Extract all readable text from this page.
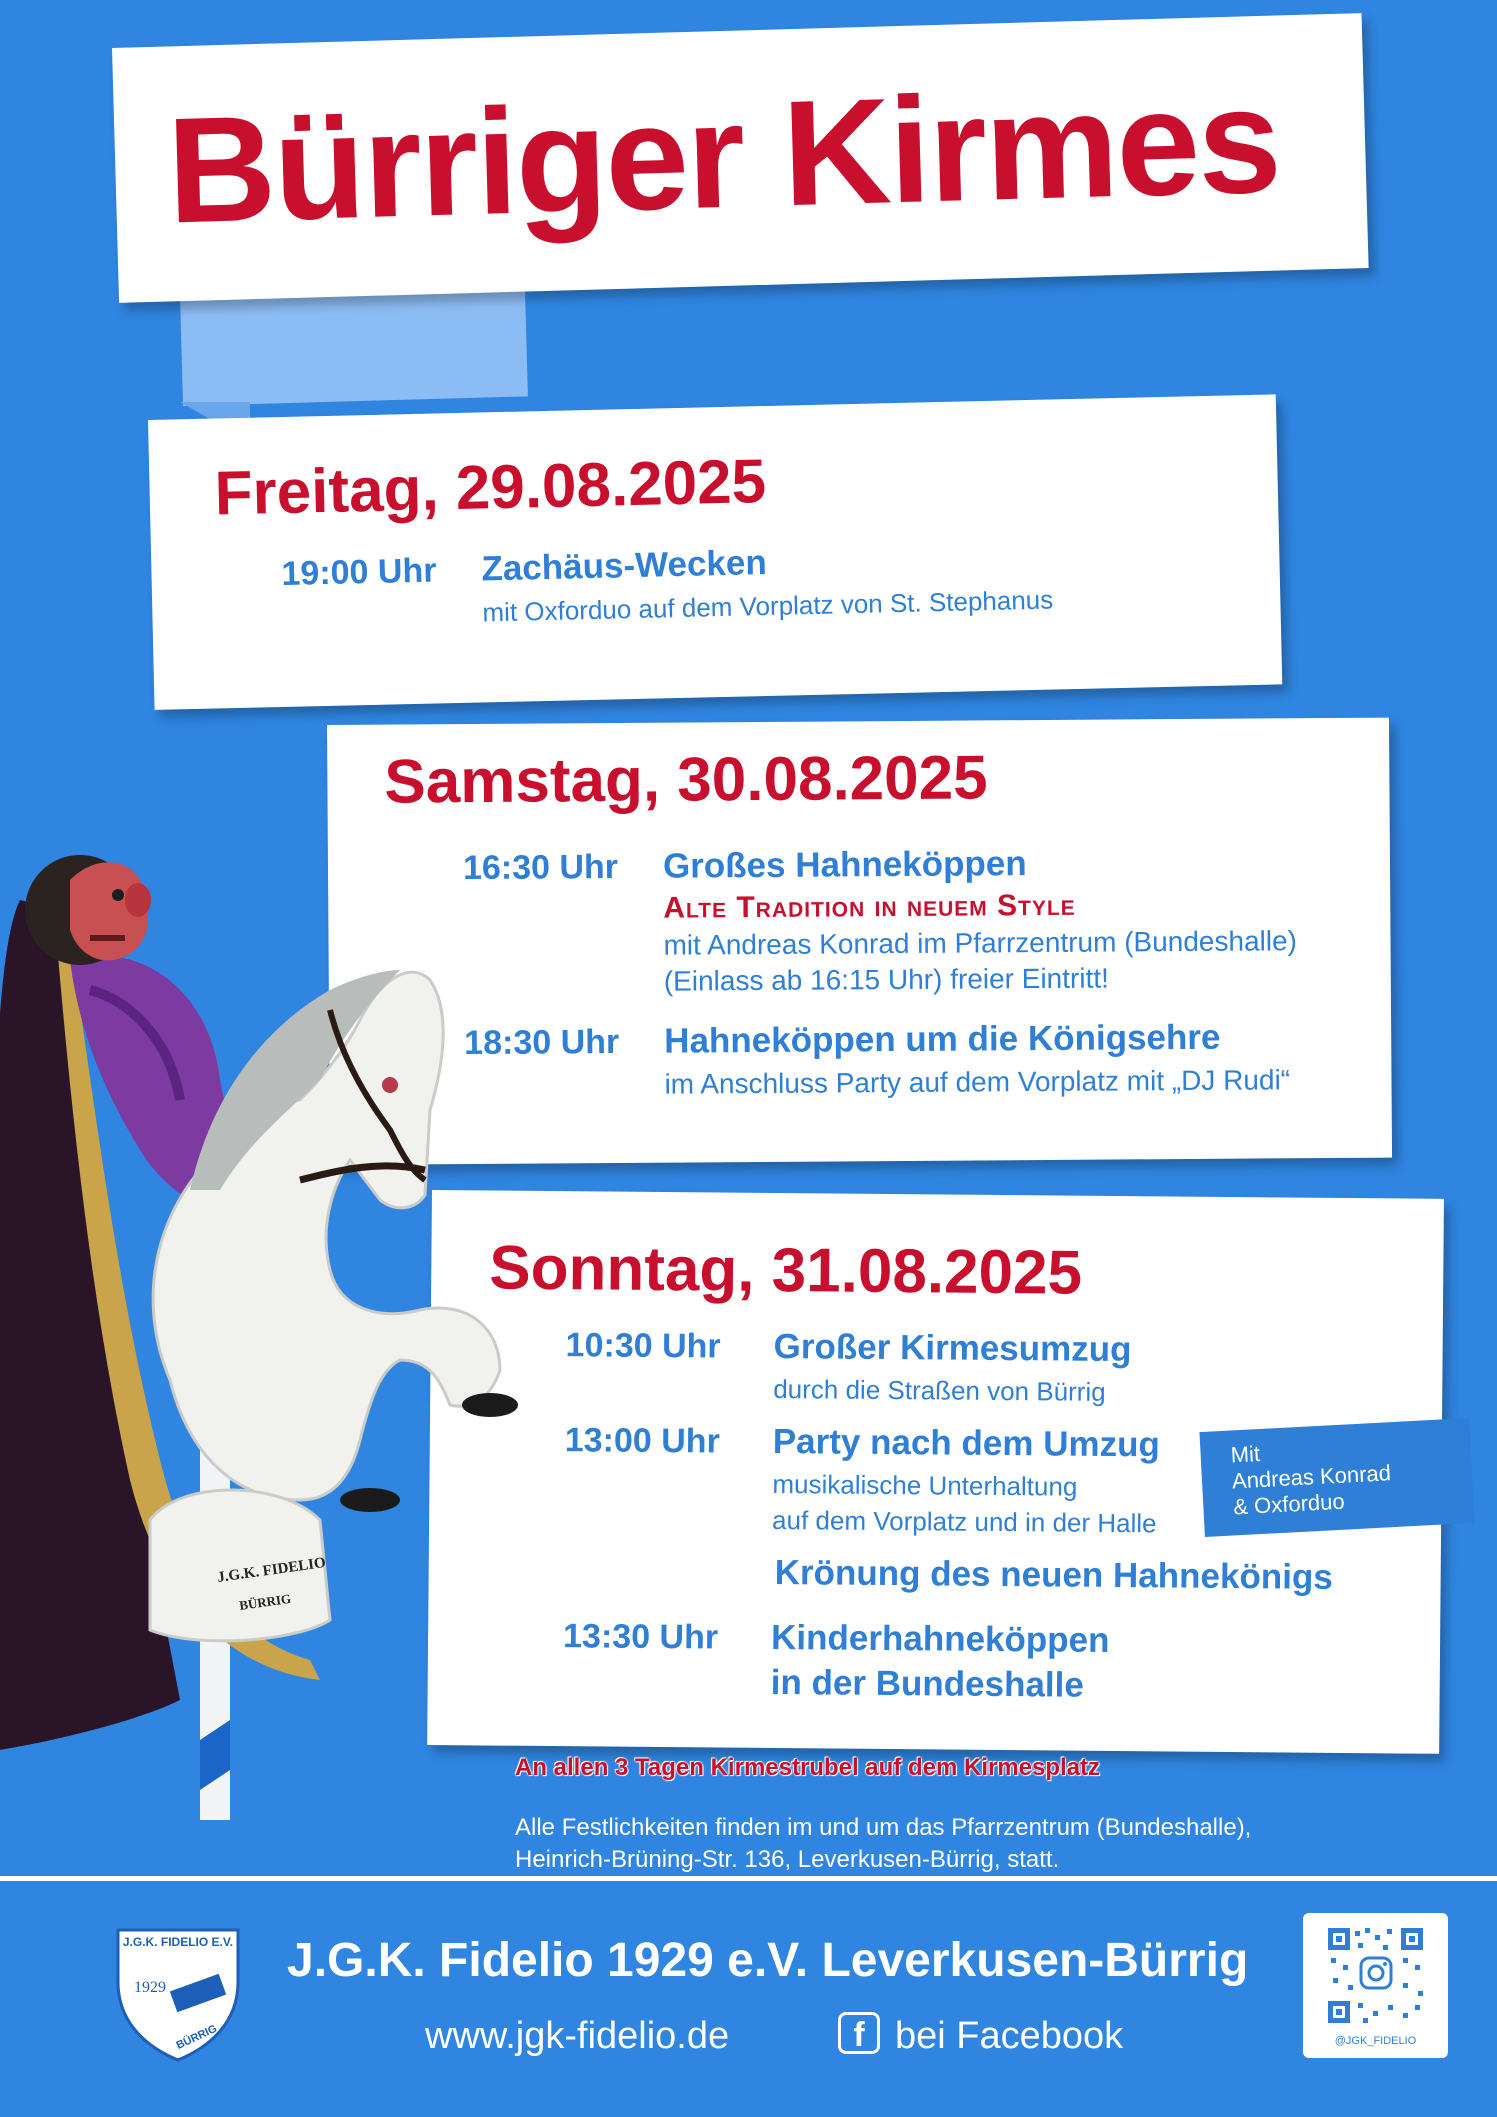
Bürriger Kirmes
Freitag, 29.08.2025
19:00 Uhr Zachäus-Wecken
mit Oxforduo auf dem Vorplatz von St. Stephanus
Samstag, 30.08.2025
16:30 Uhr Großes Hahneköppen
Alte Tradition in neuem Style
mit Andreas Konrad im Pfarrzentrum (Bundeshalle)
(Einlass ab 16:15 Uhr) freier Eintritt!
18:30 Uhr Hahneköppen um die Königsehre
im Anschluss Party auf dem Vorplatz mit „DJ Rudi“
Sonntag, 31.08.2025
10:30 Uhr Großer Kirmesumzug
durch die Straßen von Bürrig
13:00 Uhr Party nach dem Umzug
musikalische Unterhaltung
auf dem Vorplatz und in der Halle
Krönung des neuen Hahnekönigs
13:30 Uhr Kinderhahneköppen
in der Bundeshalle
Mit
Andreas Konrad
& Oxforduo
An allen 3 Tagen Kirmestrubel auf dem Kirmesplatz
Alle Festlichkeiten finden im und um das Pfarrzentrum (Bundeshalle),
Heinrich-Brüning-Str. 136, Leverkusen-Bürrig, statt.
J.G.K. FIDELIO
BÜRRIG
J.G.K. FIDELIO E.V.
1929
BÜRRIG
J.G.K. Fidelio 1929 e.V. Leverkusen-Bürrig
www.jgk-fidelio.de	f bei Facebook	@JGK_FIDELIO
